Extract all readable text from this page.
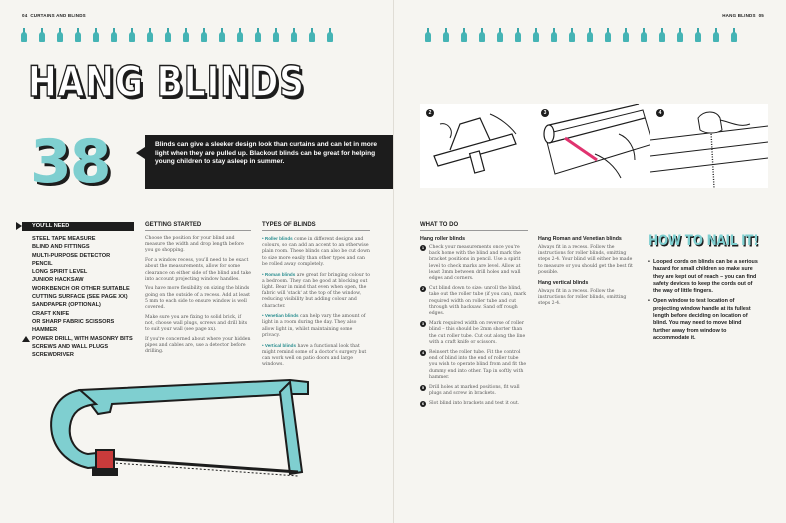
04 CURTAINS AND BLINDS
HANG BLINDS
38	Blinds can give a sleeker design look than curtains and can let in more light when they are pulled up. Blackout blinds can be great for helping young children to stay asleep in summer.
YOU'LL NEED
STEEL TAPE MEASURE
BLIND AND FITTINGS
MULTI-PURPOSE DETECTOR
PENCIL
LONG SPIRIT LEVEL
JUNIOR HACKSAW
WORKBENCH OR OTHER SUITABLE CUTTING SURFACE (SEE PAGE XX)
SANDPAPER (OPTIONAL)
CRAFT KNIFE
OR SHARP FABRIC SCISSORS
HAMMER
POWER DRILL, WITH MASONRY BITS
SCREWS AND WALL PLUGS
SCREWDRIVER
GETTING STARTED

Choose the position for your blind and measure the width and drop length before you go shopping.

For a window recess, you'll need to be exact about the measurements, allow for some clearance on either side of the blind and take into account projecting window handles.

You have more flexibility on sizing the blinds going on the outside of a recess. Add at least 5 mm to each side to ensure window is well covered.

Make sure you are fixing to solid brick, if not, choose wall plugs, screws and drill bits to suit your wall (see page xx).

If you're concerned about where your hidden pipes and cables are, use a detector before drilling.

TYPES OF BLINDS

• Roller blinds come in different designs and colours, so can add an accent to an otherwise plain room. These blinds can also be cut down to size more easily than other types and can be rolled away completely.

• Roman blinds are great for bringing colour to a bedroom. They can be good at blocking out light. Bear in mind that even when open, the fabric will 'stack' at the top of the window, reducing visibility but adding colour and character.

• Venetian blinds can help vary the amount of light in a room during the day. They also allow light in, whilst maintaining some privacy.

• Vertical blinds have a functional look that might remind some of a doctor's surgery but can work well on patio doors and large windows.

HANG BLINDS 05
2	3	4
WHAT TO DO
Hang roller blinds
1	Check your measurements once you're back home with the blind and mark the bracket positions in pencil. Use a spirit level to check marks are level. Allow at least 3mm between drill holes and wall edges and corners.

2	Cut blind down to size: unroll the blind, take out the roller tube (if you can), mark required width on roller tube and cut through with hacksaw. Sand off rough edges.

3	Mark required width on reverse of roller blind – this should be 2mm shorter than the cut roller tube. Cut out along the line with a craft knife or scissors.

4	Reinsert the roller tube. Fit the control end of blind into the end of roller tube you wish to operate blind from and fit the dummy end into other. Tap in softly with hammer.

5	Drill holes at marked positions, fit wall plugs and screw in brackets.

6	Slot blind into brackets and test it out.

Hang Roman and Venetian blinds

Always fit in a recess. Follow the instructions for roller blinds, omitting steps 2-4. Your blind will either be made to measure or you should get the best fit possible.

Hang vertical blinds

Always fit in a recess. Follow the instructions for roller blinds, omitting steps 2-4.

HOW TO NAIL IT!
• Looped cords on blinds can be a serious hazard for small children so make sure they are kept out of reach – you can find safety devices to keep the cords out of the way of little fingers.
• Open window to test location of projecting window handle at its fullest length before deciding on location of blind. You may need to move blind further away from window to accommodate it.
